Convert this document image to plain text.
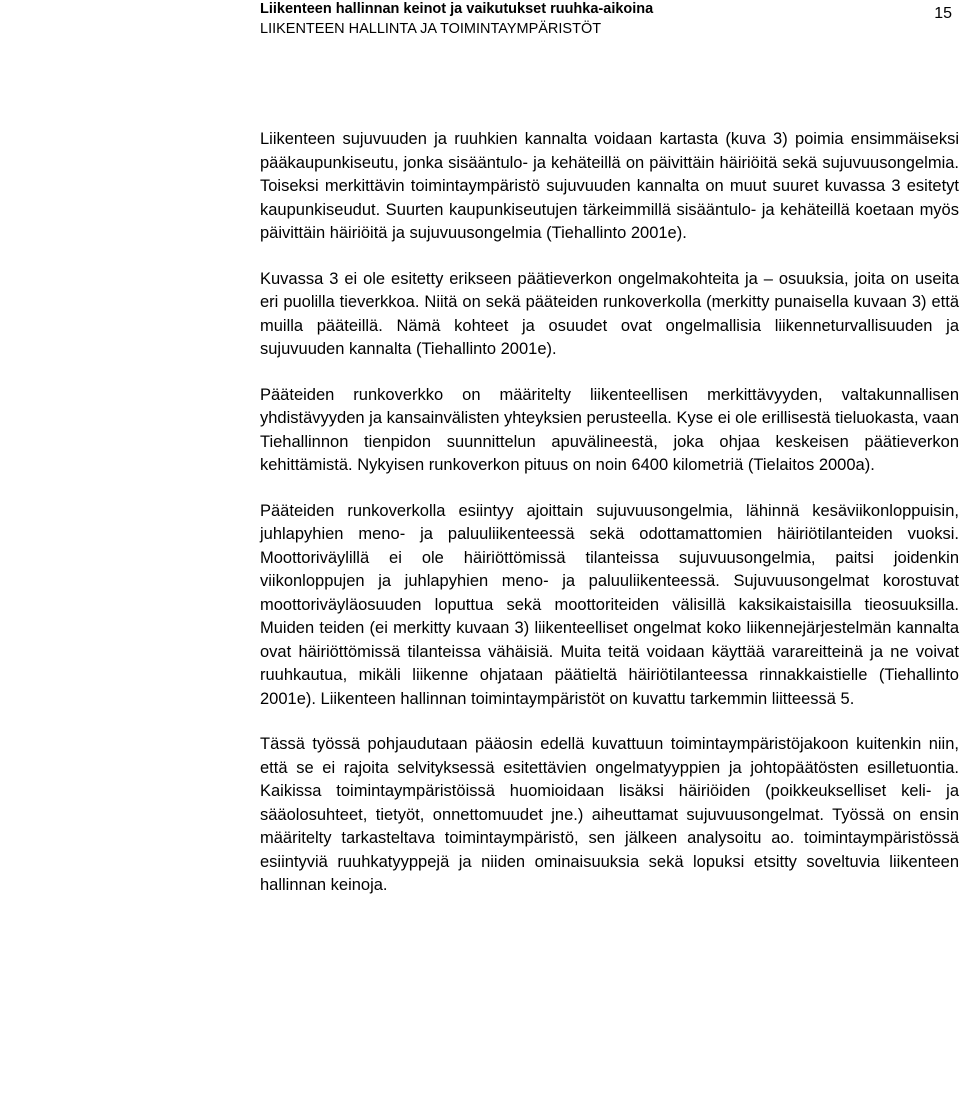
Liikenteen hallinnan keinot ja vaikutukset ruuhka-aikoina
LIIKENTEEN HALLINTA JA TOIMINTAYMPÄRISTÖT
15

Liikenteen sujuvuuden ja ruuhkien kannalta voidaan kartasta (kuva 3) poimia ensimmäiseksi pääkaupunkiseutu, jonka sisääntulo- ja kehäteillä on päivittäin häiriöitä sekä sujuvuusongelmia. Toiseksi merkittävin toimintaympäristö sujuvuuden kannalta on muut suuret kuvassa 3 esitetyt kaupunkiseudut. Suurten kaupunkiseutujen tärkeimmillä sisääntulo- ja kehäteillä koetaan myös päivittäin häiriöitä ja sujuvuusongelmia (Tiehallinto 2001e).

Kuvassa 3 ei ole esitetty erikseen päätieverkon ongelmakohteita ja – osuuksia, joita on useita eri puolilla tieverkkoa. Niitä on sekä pääteiden runkoverkolla (merkitty punaisella kuvaan 3) että muilla pääteillä. Nämä kohteet ja osuudet ovat ongelmallisia liikenneturvallisuuden ja sujuvuuden kannalta (Tiehallinto 2001e).

Pääteiden runkoverkko on määritelty liikenteellisen merkittävyyden, valtakunnallisen yhdistävyyden ja kansainvälisten yhteyksien perusteella. Kyse ei ole erillisestä tieluokasta, vaan Tiehallinnon tienpidon suunnittelun apuvälineestä, joka ohjaa keskeisen päätieverkon kehittämistä. Nykyisen runkoverkon pituus on noin 6400 kilometriä (Tielaitos 2000a).

Pääteiden runkoverkolla esiintyy ajoittain sujuvuusongelmia, lähinnä kesäviikonloppuisin, juhlapyhien meno- ja paluuliikenteessä sekä odottamattomien häiriötilanteiden vuoksi. Moottoriväylillä ei ole häiriöttömissä tilanteissa sujuvuusongelmia, paitsi joidenkin viikonloppujen ja juhlapyhien meno- ja paluuliikenteessä. Sujuvuusongelmat korostuvat moottoriväyläosuuden loputtua sekä moottoriteiden välisillä kaksikaistaisilla tieosuuksilla. Muiden teiden (ei merkitty kuvaan 3) liikenteelliset ongelmat koko liikennejärjestelmän kannalta ovat häiriöttömissä tilanteissa vähäisiä. Muita teitä voidaan käyttää varareitteinä ja ne voivat ruuhkautua, mikäli liikenne ohjataan päätieltä häiriötilanteessa rinnakkaistielle (Tiehallinto 2001e). Liikenteen hallinnan toimintaympäristöt on kuvattu tarkemmin liitteessä 5.

Tässä työssä pohjaudutaan pääosin edellä kuvattuun toimintaympäristöjakoon kuitenkin niin, että se ei rajoita selvityksessä esitettävien ongelmatyyppien ja johtopäätösten esilletuontia. Kaikissa toimintaympäristöissä huomioidaan lisäksi häiriöiden (poikkeukselliset keli- ja sääolosuhteet, tietyöt, onnettomuudet jne.) aiheuttamat sujuvuusongelmat. Työssä on ensin määritelty tarkasteltava toimintaympäristö, sen jälkeen analysoitu ao. toimintaympäristössä esiintyviä ruuhkatyyppejä ja niiden ominaisuuksia sekä lopuksi etsitty soveltuvia liikenteen hallinnan keinoja.
